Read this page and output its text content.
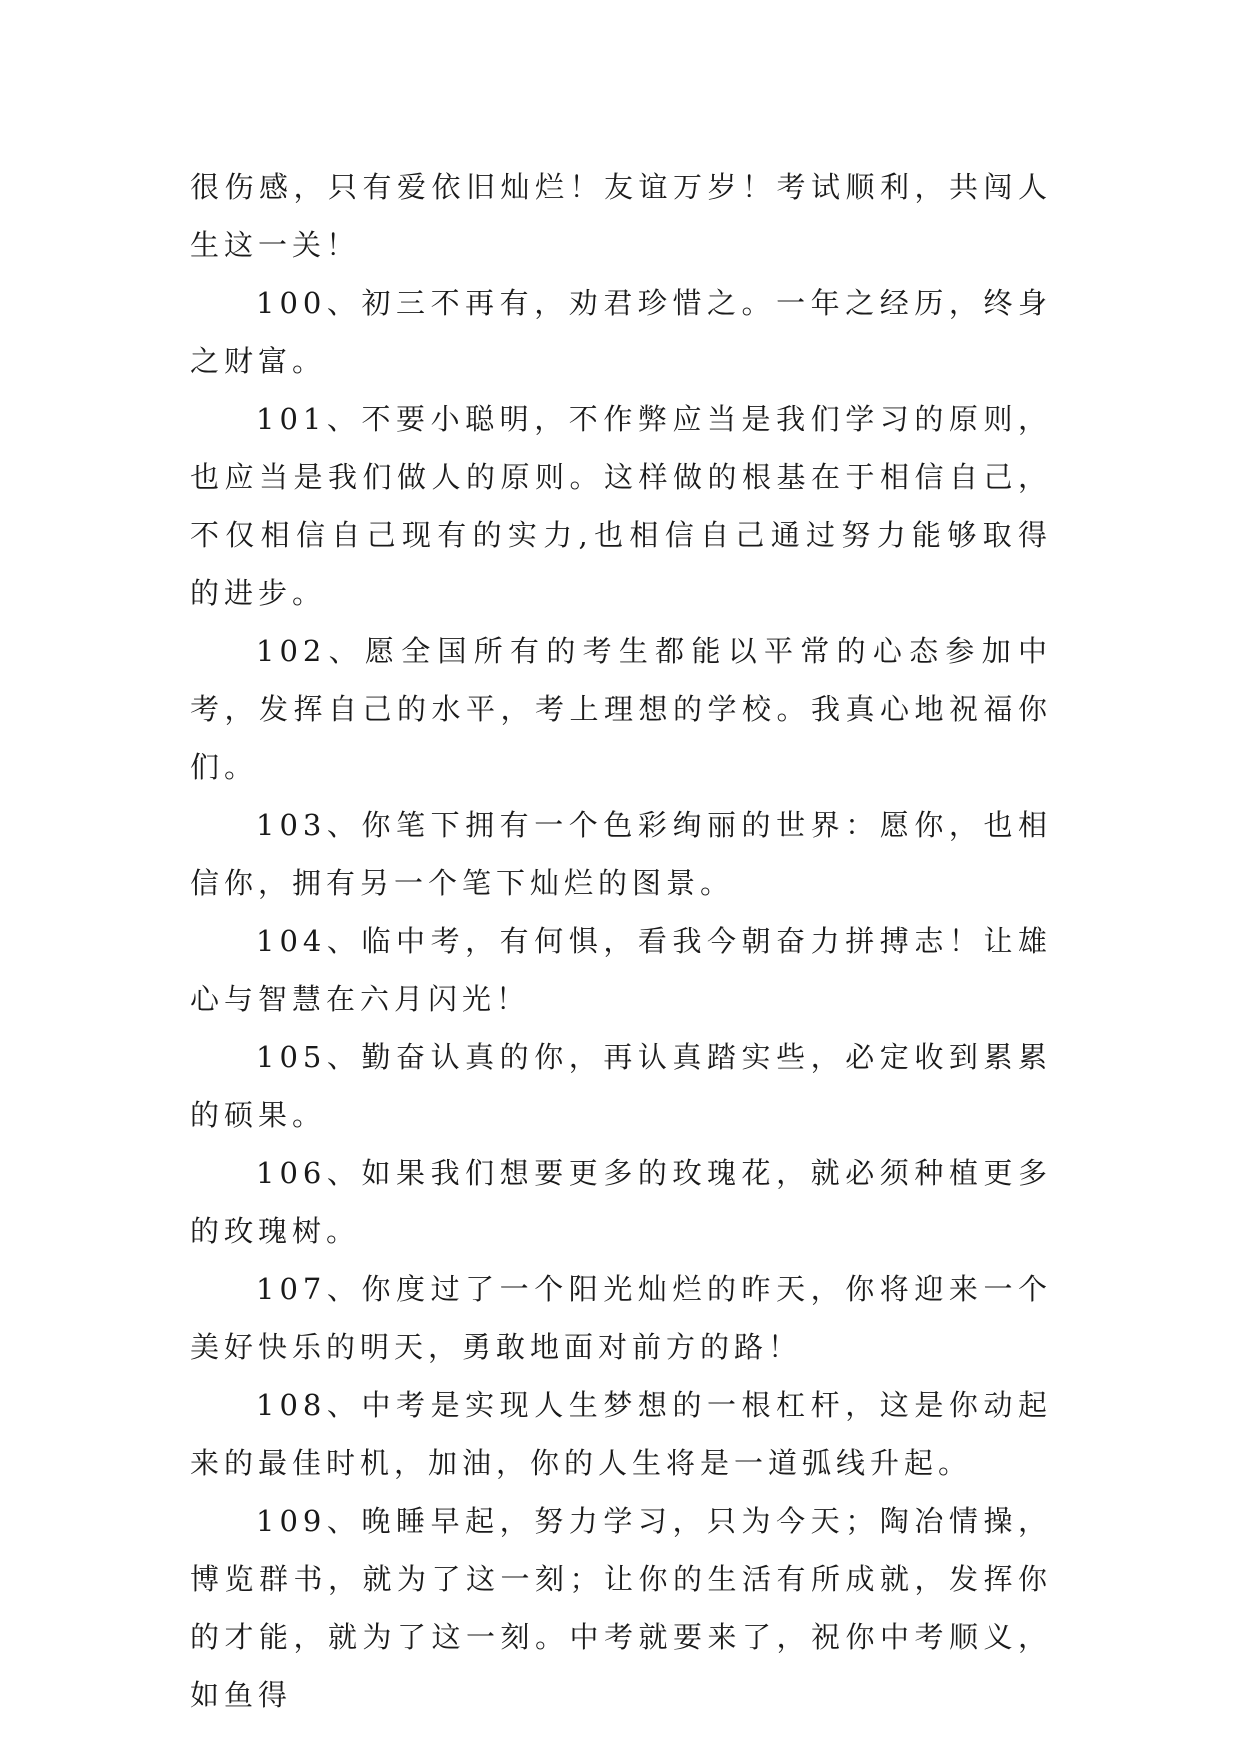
很伤感，只有爱依旧灿烂！友谊万岁！考试顺利，共闯人生这一关！

100、初三不再有，劝君珍惜之。一年之经历，终身之财富。

101、不要小聪明，不作弊应当是我们学习的原则，也应当是我们做人的原则。这样做的根基在于相信自己，不仅相信自己现有的实力,也相信自己通过努力能够取得的进步。

102、愿全国所有的考生都能以平常的心态参加中考，发挥自己的水平，考上理想的学校。我真心地祝福你们。

103、你笔下拥有一个色彩绚丽的世界：愿你，也相信你，拥有另一个笔下灿烂的图景。

104、临中考，有何惧，看我今朝奋力拼搏志！让雄心与智慧在六月闪光！

105、勤奋认真的你，再认真踏实些，必定收到累累的硕果。

106、如果我们想要更多的玫瑰花，就必须种植更多的玫瑰树。

107、你度过了一个阳光灿烂的昨天，你将迎来一个美好快乐的明天，勇敢地面对前方的路！

108、中考是实现人生梦想的一根杠杆，这是你动起来的最佳时机，加油，你的人生将是一道弧线升起。

109、晚睡早起，努力学习，只为今天；陶冶情操，博览群书，就为了这一刻；让你的生活有所成就，发挥你的才能，就为了这一刻。中考就要来了，祝你中考顺义，如鱼得
